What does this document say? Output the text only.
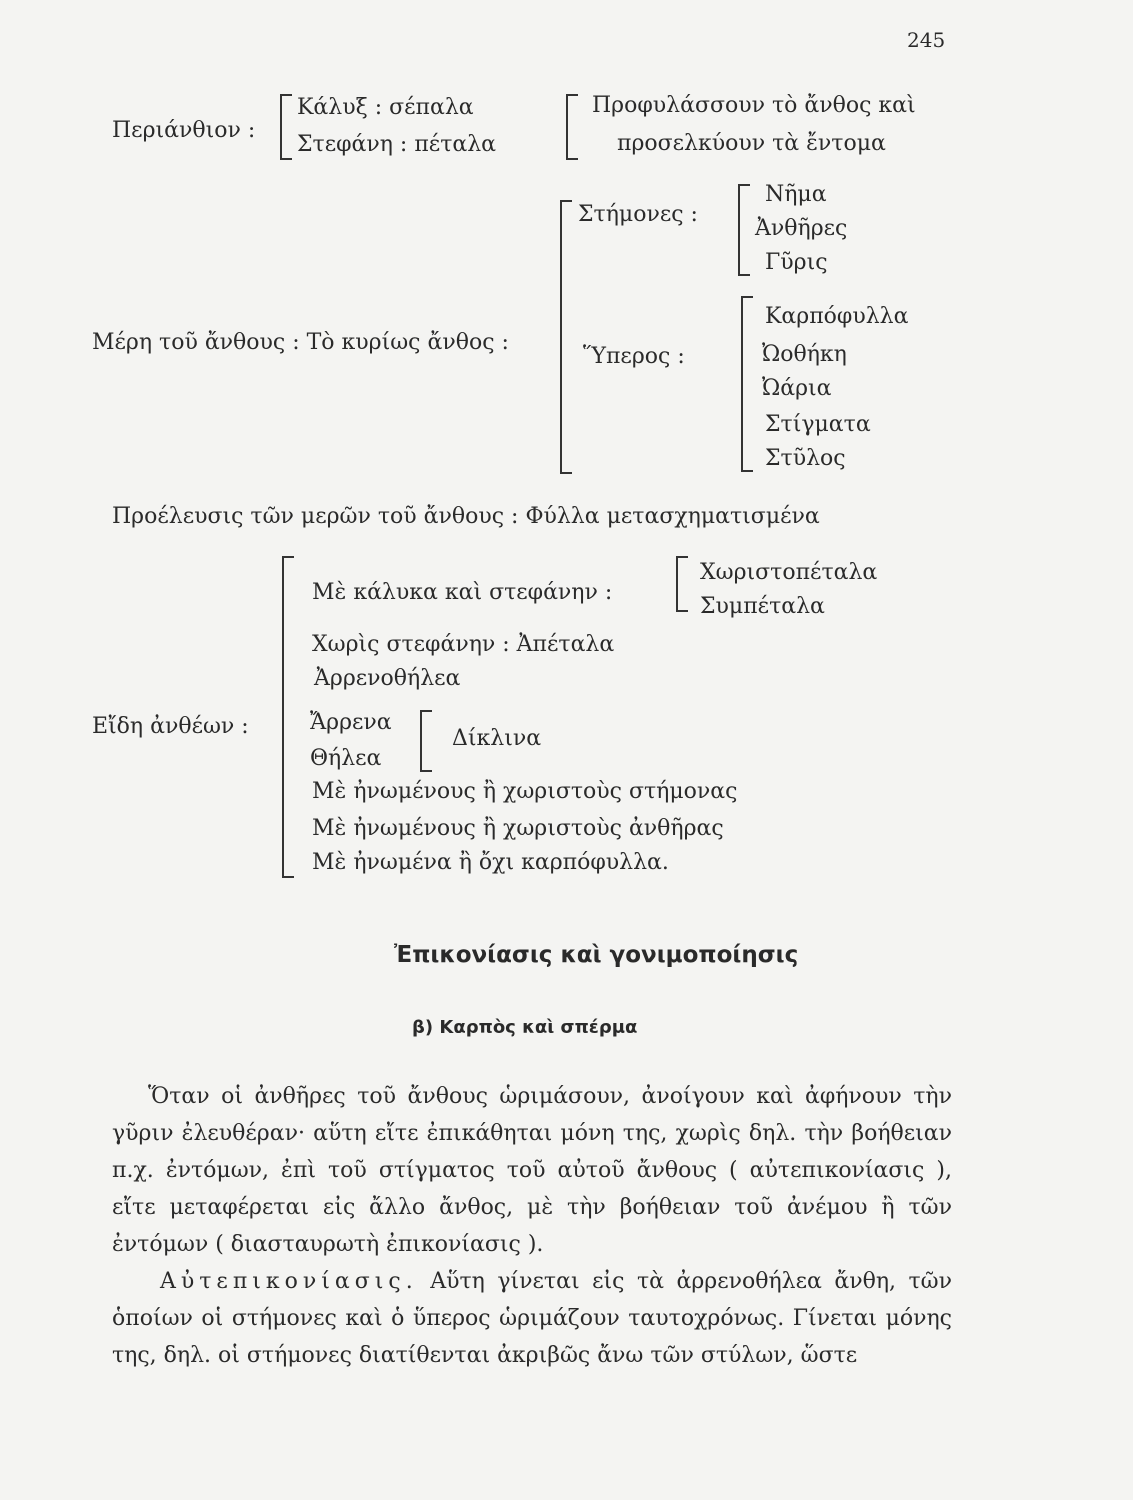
245
Περιάνθιον :
Κάλυξ : σέπαλα
Στεφάνη : πέταλα
Προφυλάσσουν τὸ ἄνθος καὶ
προσελκύουν τὰ ἔντομα
Μέρη τοῦ ἄνθους : Τὸ κυρίως ἄνθος :
Στήμονες :
Νῆμα
Ἀνθῆρες
Γῦρις
Ὕπερος :
Καρπόφυλλα
Ὠοθήκη
Ὠάρια
Στίγματα
Στῦλος
Προέλευσις τῶν μερῶν τοῦ ἄνθους : Φύλλα μετασχηματισμένα
Εἴδη ἀνθέων :
Μὲ κάλυκα καὶ στεφάνην :
Χωριστοπέταλα
Συμπέταλα
Χωρὶς στεφάνην : Ἀπέταλα
Ἀρρενοθήλεα
Ἄρρενα
Δίκλινα
Θήλεα
Μὲ ἠνωμένους ἢ χωριστοὺς στήμονας
Μὲ ἠνωμένους ἢ χωριστοὺς ἀνθῆρας
Μὲ ἠνωμένα ἢ ὄχι καρπόφυλλα.
Ἐπικονίασις καὶ γονιμοποίησις
β) Καρπὸς καὶ σπέρμα
Ὅταν οἱ ἀνθῆρες τοῦ ἄνθους ὡριμάσουν, ἀνοίγουν καὶ ἀφήνουν τὴν γῦριν ἐλευθέραν· αὕτη εἴτε ἐπικάθηται μόνη της, χωρὶς δηλ. τὴν βοήθειαν π.χ. ἐντόμων, ἐπὶ τοῦ στίγματος τοῦ αὐτοῦ ἄνθους ( αὐτεπικονίασις ), εἴτε μεταφέρεται εἰς ἄλλο ἄνθος, μὲ τὴν βοήθειαν τοῦ ἀνέμου ἢ τῶν ἐντόμων ( διασταυρωτὴ ἐπικονίασις ).
Αὐτεπικονίασις. Αὕτη γίνεται εἰς τὰ ἀρρενοθήλεα ἄνθη, τῶν ὁποίων οἱ στήμονες καὶ ὁ ὕπερος ὡριμάζουν ταυτοχρόνως. Γίνεται μόνης της, δηλ. οἱ στήμονες διατίθενται ἀκριβῶς ἄνω τῶν στύλων, ὥστε
